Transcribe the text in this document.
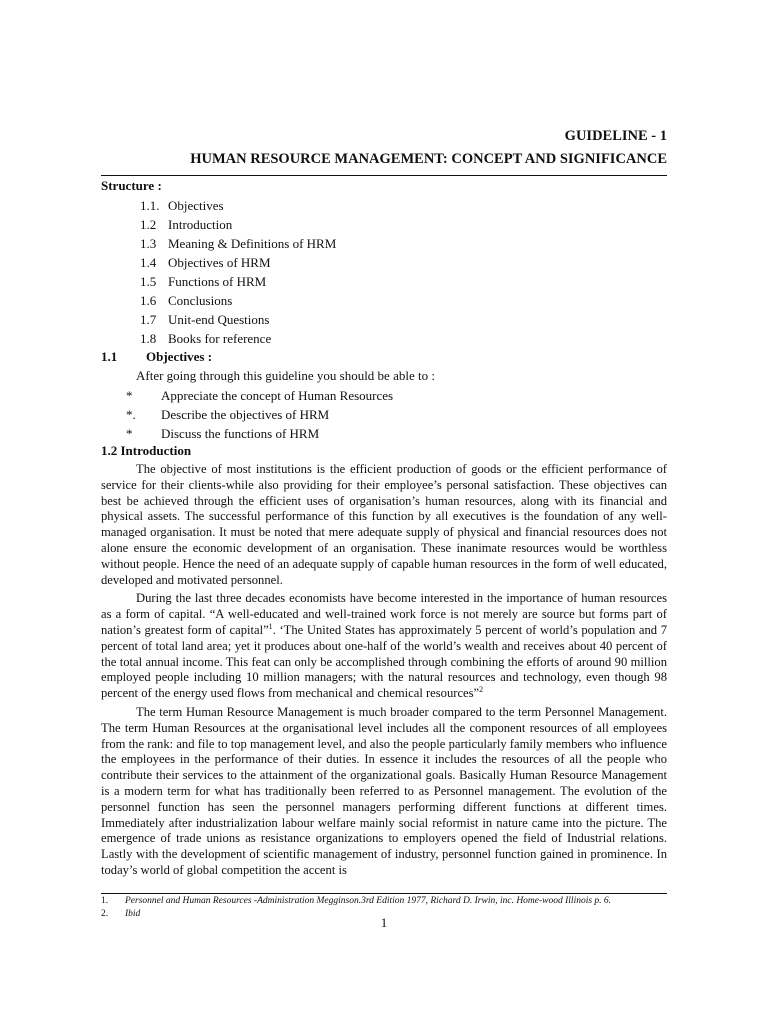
GUIDELINE - 1
HUMAN RESOURCE MANAGEMENT: CONCEPT AND SIGNIFICANCE
Structure :
1.1. Objectives
1.2 Introduction
1.3 Meaning & Definitions of HRM
1.4 Objectives of HRM
1.5 Functions of HRM
1.6 Conclusions
1.7 Unit-end Questions
1.8 Books for reference
1.1 Objectives :
After going through this guideline you should be able to :
* Appreciate the concept of Human Resources
*. Describe the objectives of HRM
* Discuss the functions of HRM
1.2 Introduction

The objective of most institutions is the efficient production of goods or the efficient performance of service for their clients-while also providing for their employee’s personal satisfaction. These objectives can best be achieved through the efficient uses of organisation’s human resources, along with its financial and physical assets. The successful performance of this function by all executives is the foundation of any well-managed organisation. It must be noted that mere adequate supply of physical and financial resources does not alone ensure the economic development of an organisation. These inanimate resources would be worthless without people. Hence the need of an adequate supply of capable human resources in the form of well educated, developed and motivated personnel.

During the last three decades economists have become interested in the importance of human resources as a form of capital. “A well-educated and well-trained work force is not merely are source but forms part of nation’s greatest form of capital”$^1$. ‘The United States has approximately 5 percent of world’s population and 7 percent of total land area; yet it produces about one-half of the world’s wealth and receives about 40 percent of the total annual income. This feat can only be accomplished through combining the efforts of around 90 million employed people including 10 million managers; with the natural resources and technology, even though 98 percent of the energy used flows from mechanical and chemical resources”$^2$

The term Human Resource Management is much broader compared to the term Personnel Management. The term Human Resources at the organisational level includes all the component resources of all employees from the rank: and file to top management level, and also the people particularly family members who influence the employees in the performance of their duties. In essence it includes the resources of all the people who contribute their services to the attainment of the organizational goals. Basically Human Resource Management is a modern term for what has traditionally been referred to as Personnel management. The evolution of the personnel function has seen the personnel managers performing different functions at different times. Immediately after industrialization labour welfare mainly social reformist in nature came into the picture. The emergence of trade unions as resistance organizations to employers opened the field of Industrial relations. Lastly with the development of scientific management of industry, personnel function gained in prominence. In today’s world of global competition the accent is

1. Personnel and Human Resources -Administration Megginson.3rd Edition 1977, Richard D. Irwin, inc. Home-wood Illinois p. 6.
2. Ibid
1
